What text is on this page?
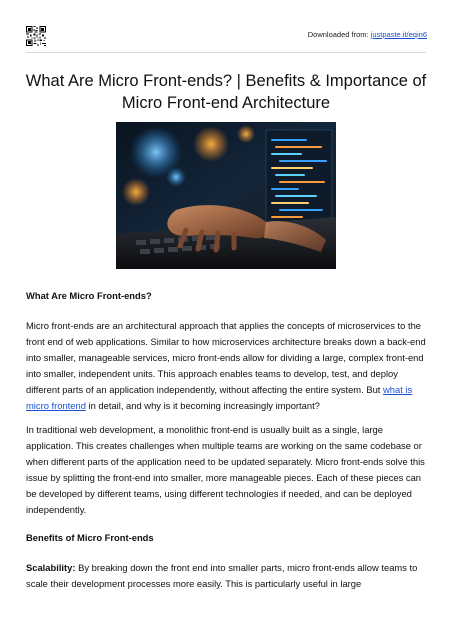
Downloaded from: justpaste.it/eqin6
What Are Micro Front-ends? | Benefits & Importance of Micro Front-end Architecture
What Are Micro Front-ends?

Micro front-ends are an architectural approach that applies the concepts of microservices to the front end of web applications. Similar to how microservices architecture breaks down a back-end into smaller, manageable services, micro front-ends allow for dividing a large, complex front-end into smaller, independent units. This approach enables teams to develop, test, and deploy different parts of an application independently, without affecting the entire system. But what is micro frontend in detail, and why is it becoming increasingly important?

In traditional web development, a monolithic front-end is usually built as a single, large application. This creates challenges when multiple teams are working on the same codebase or when different parts of the application need to be updated separately. Micro front-ends solve this issue by splitting the front-end into smaller, more manageable pieces. Each of these pieces can be developed by different teams, using different technologies if needed, and can be deployed independently.

Benefits of Micro Front-ends

Scalability: By breaking down the front end into smaller parts, micro front-ends allow teams to scale their development processes more easily. This is particularly useful in large
